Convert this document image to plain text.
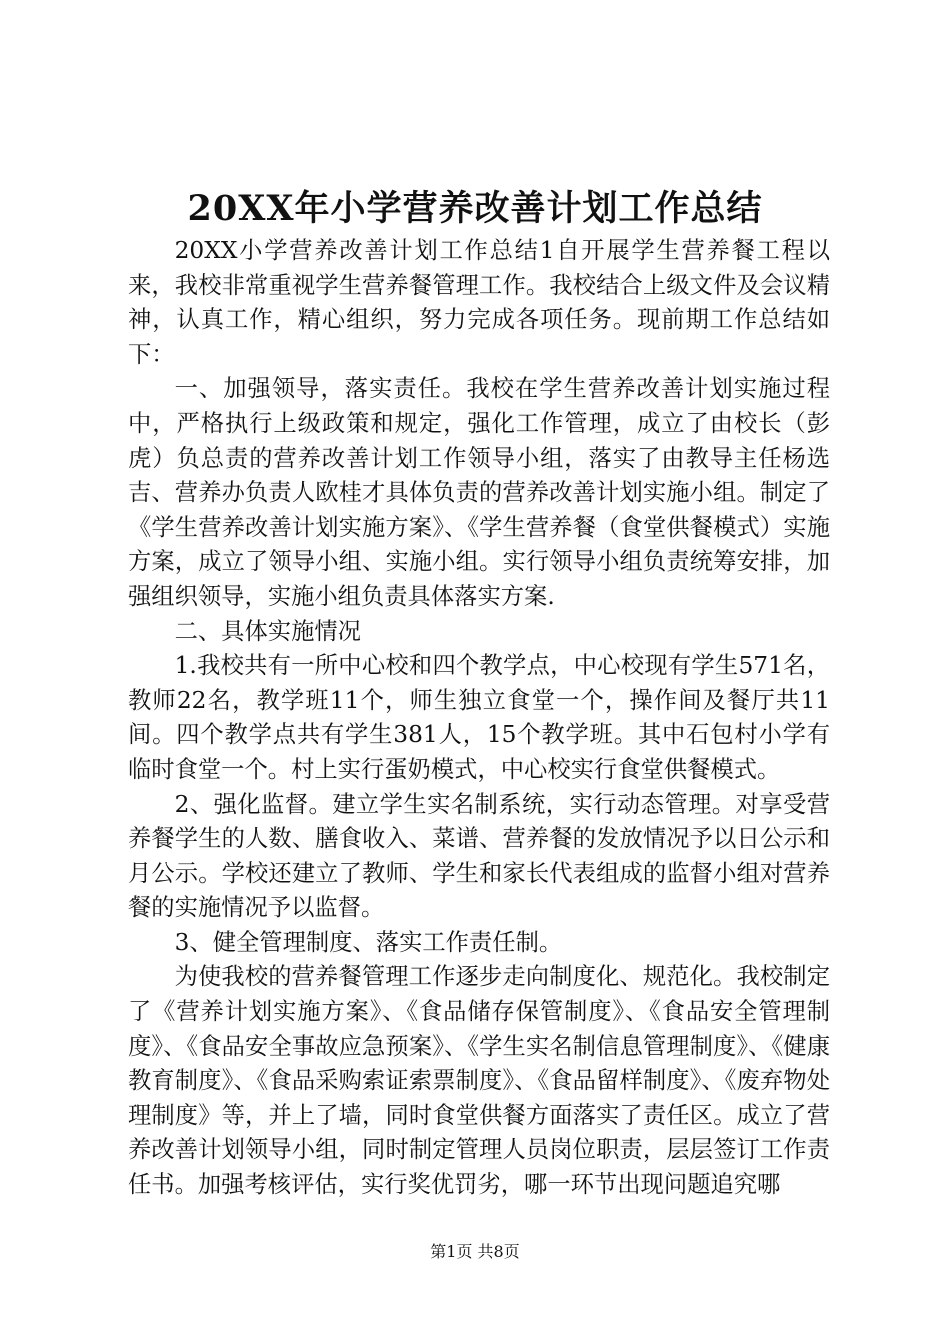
20XX年小学营养改善计划工作总结

20XX小学营养改善计划工作总结1自开展学生营养餐工程以来，我校非常重视学生营养餐管理工作。我校结合上级文件及会议精神，认真工作，精心组织，努力完成各项任务。现前期工作总结如下：

一、加强领导，落实责任。我校在学生营养改善计划实施过程中，严格执行上级政策和规定，强化工作管理，成立了由校长（彭虎）负总责的营养改善计划工作领导小组，落实了由教导主任杨选吉、营养办负责人欧桂才具体负责的营养改善计划实施小组。制定了《学生营养改善计划实施方案》、《学生营养餐（食堂供餐模式）实施方案，成立了领导小组、实施小组。实行领导小组负责统筹安排，加强组织领导，实施小组负责具体落实方案.

二、具体实施情况

1.我校共有一所中心校和四个教学点，中心校现有学生571名，教师22名，教学班11个，师生独立食堂一个，操作间及餐厅共11间。四个教学点共有学生381人，15个教学班。其中石包村小学有临时食堂一个。村上实行蛋奶模式，中心校实行食堂供餐模式。

2、强化监督。建立学生实名制系统，实行动态管理。对享受营养餐学生的人数、膳食收入、菜谱、营养餐的发放情况予以日公示和月公示。学校还建立了教师、学生和家长代表组成的监督小组对营养餐的实施情况予以监督。

3、健全管理制度、落实工作责任制。

为使我校的营养餐管理工作逐步走向制度化、规范化。我校制定了《营养计划实施方案》、《食品储存保管制度》、《食品安全管理制度》、《食品安全事故应急预案》、《学生实名制信息管理制度》、《健康教育制度》、《食品采购索证索票制度》、《食品留样制度》、《废弃物处理制度》等，并上了墙，同时食堂供餐方面落实了责任区。成立了营养改善计划领导小组，同时制定管理人员岗位职责，层层签订工作责任书。加强考核评估，实行奖优罚劣，哪一环节出现问题追究哪

第1页 共8页
